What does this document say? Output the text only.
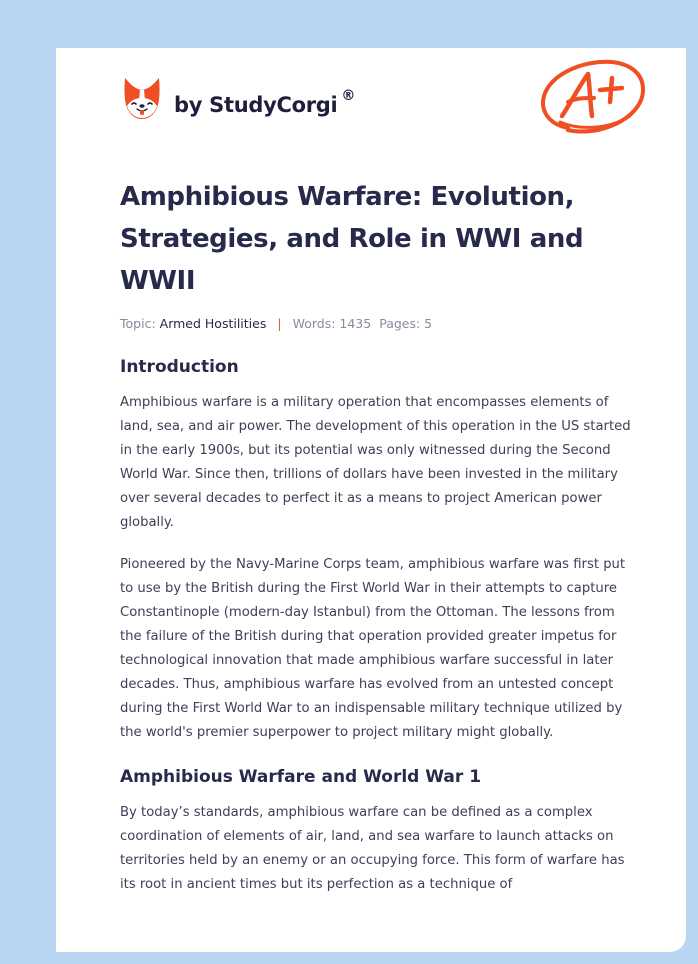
by StudyCorgi ®
Amphibious Warfare: Evolution, Strategies, and Role in WWI and WWII
Topic: Armed Hostilities | Words: 1435 Pages: 5
Introduction

Amphibious warfare is a military operation that encompasses elements of land, sea, and air power. The development of this operation in the US started in the early 1900s, but its potential was only witnessed during the Second World War. Since then, trillions of dollars have been invested in the military over several decades to perfect it as a means to project American power globally.

Pioneered by the Navy-Marine Corps team, amphibious warfare was first put to use by the British during the First World War in their attempts to capture Constantinople (modern-day Istanbul) from the Ottoman. The lessons from the failure of the British during that operation provided greater impetus for technological innovation that made amphibious warfare successful in later decades. Thus, amphibious warfare has evolved from an untested concept during the First World War to an indispensable military technique utilized by the world's premier superpower to project military might globally.

Amphibious Warfare and World War 1

By today’s standards, amphibious warfare can be defined as a complex coordination of elements of air, land, and sea warfare to launch attacks on territories held by an enemy or an occupying force. This form of warfare has its root in ancient times but its perfection as a technique of
